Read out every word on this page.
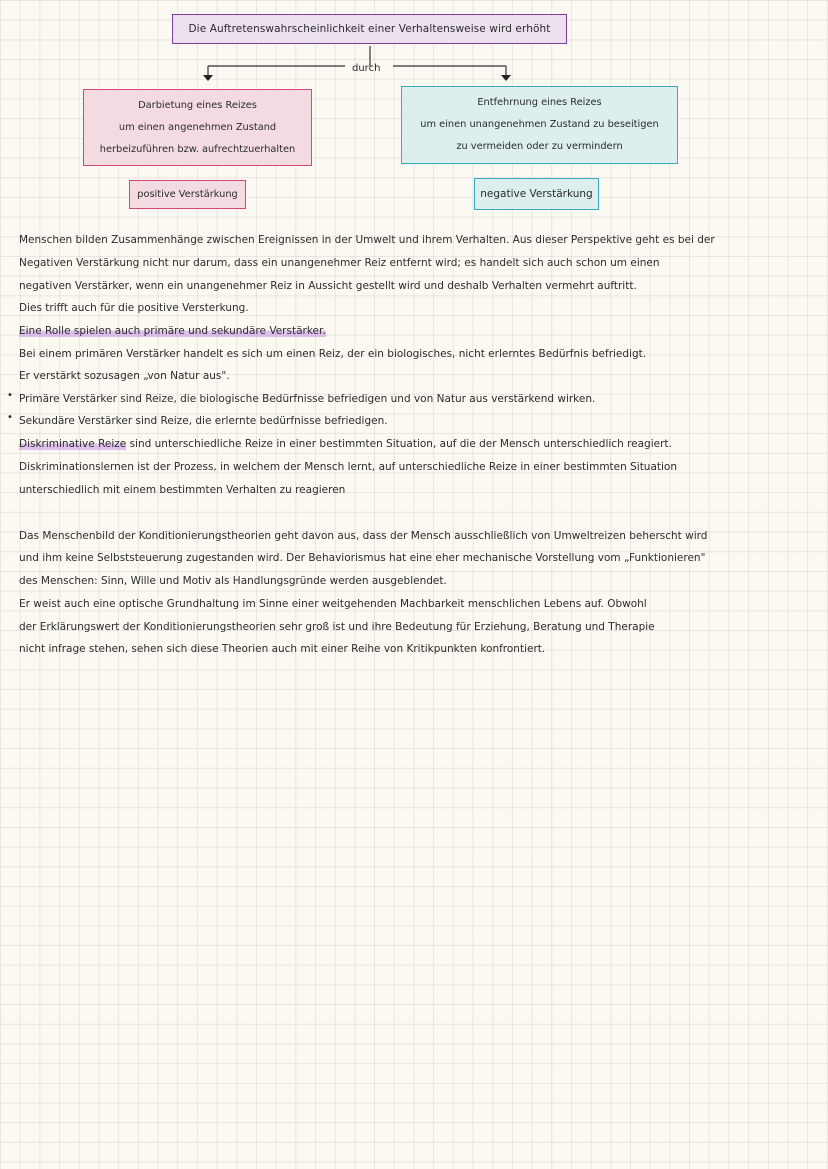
Die Auftretenswahrscheinlichkeit einer Verhaltensweise wird erhöht
durch
Darbietung eines Reizes
um einen angenehmen Zustand
herbeizuführen bzw. aufrechtzuerhalten
Entfehrnung eines Reizes
um einen unangenehmen Zustand zu beseitigen
zu vermeiden oder zu vermindern
positive Verstärkung	negative Verstärkung
Menschen bilden Zusammenhänge zwischen Ereignissen in der Umwelt und ihrem Verhalten. Aus dieser Perspektive geht es bei der
Negativen Verstärkung nicht nur darum, dass ein unangenehmer Reiz entfernt wird; es handelt sich auch schon um einen
negativen Verstärker, wenn ein unangenehmer Reiz in Aussicht gestellt wird und deshalb Verhalten vermehrt auftritt.
Dies trifft auch für die positive Versterkung.
Eine Rolle spielen auch primäre und sekundäre Verstärker.
Bei einem primären Verstärker handelt es sich um einen Reiz, der ein biologisches, nicht erlerntes Bedürfnis befriedigt.
Er verstärkt sozusagen „von Natur aus".
• Primäre Verstärker sind Reize, die biologische Bedürfnisse befriedigen und von Natur aus verstärkend wirken.
• Sekundäre Verstärker sind Reize, die erlernte bedürfnisse befriedigen.
Diskriminative Reize sind unterschiedliche Reize in einer bestimmten Situation, auf die der Mensch unterschiedlich reagiert.
Diskriminationslernen ist der Prozess, in welchem der Mensch lernt, auf unterschiedliche Reize in einer bestimmten Situation
unterschiedlich mit einem bestimmten Verhalten zu reagieren
Das Menschenbild der Konditionierungstheorien geht davon aus, dass der Mensch ausschließlich von Umweltreizen beherscht wird
und ihm keine Selbststeuerung zugestanden wird. Der Behaviorismus hat eine eher mechanische Vorstellung vom „Funktionieren"
des Menschen: Sinn, Wille und Motiv als Handlungsgründe werden ausgeblendet.
Er weist auch eine optische Grundhaltung im Sinne einer weitgehenden Machbarkeit menschlichen Lebens auf. Obwohl
der Erklärungswert der Konditionierungstheorien sehr groß ist und ihre Bedeutung für Erziehung, Beratung und Therapie
nicht infrage stehen, sehen sich diese Theorien auch mit einer Reihe von Kritikpunkten konfrontiert.
